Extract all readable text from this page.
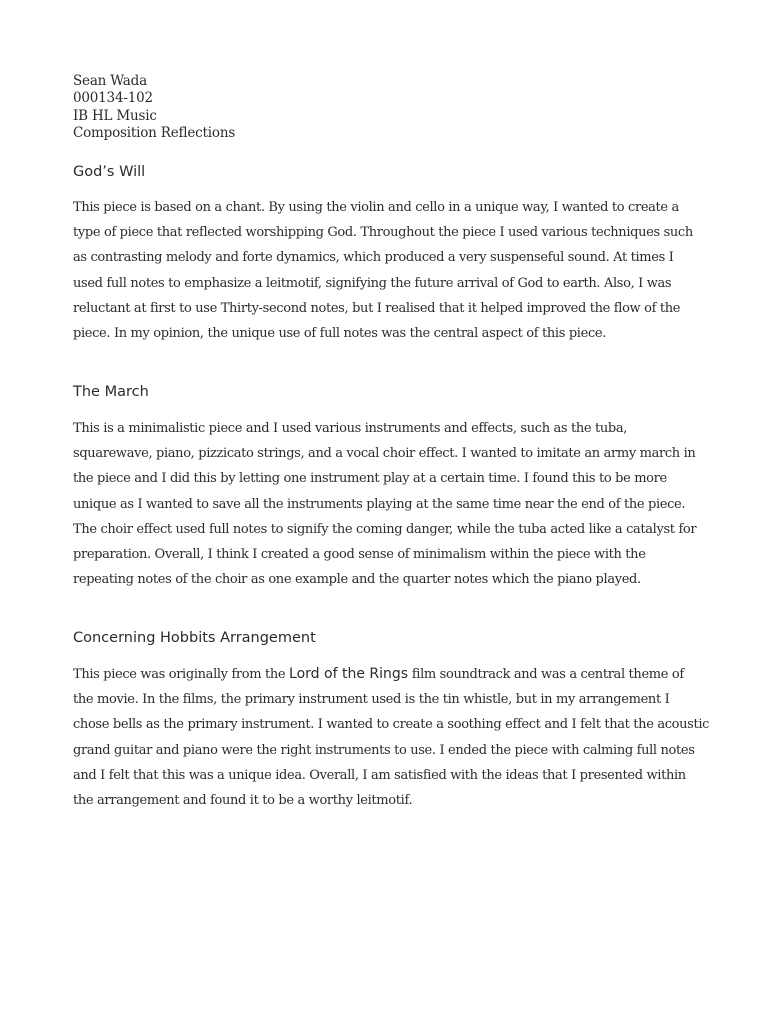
Sean Wada
000134-102
IB HL Music
Composition Reflections
God’s Will
This piece is based on a chant. By using the violin and cello in a unique way, I wanted to create a
type of piece that reflected worshipping God. Throughout the piece I used various techniques such
as contrasting melody and forte dynamics, which produced a very suspenseful sound. At times I
used full notes to emphasize a leitmotif, signifying the future arrival of God to earth. Also, I was
reluctant at first to use Thirty-second notes, but I realised that it helped improved the flow of the
piece. In my opinion, the unique use of full notes was the central aspect of this piece.
The March
This is a minimalistic piece and I used various instruments and effects, such as the tuba,
squarewave, piano, pizzicato strings, and a vocal choir effect. I wanted to imitate an army march in
the piece and I did this by letting one instrument play at a certain time. I found this to be more
unique as I wanted to save all the instruments playing at the same time near the end of the piece.
The choir effect used full notes to signify the coming danger, while the tuba acted like a catalyst for
preparation. Overall, I think I created a good sense of minimalism within the piece with the
repeating notes of the choir as one example and the quarter notes which the piano played.
Concerning Hobbits Arrangement
This piece was originally from the Lord of the Rings film soundtrack and was a central theme of
the movie. In the films, the primary instrument used is the tin whistle, but in my arrangement I
chose bells as the primary instrument. I wanted to create a soothing effect and I felt that the acoustic
grand guitar and piano were the right instruments to use. I ended the piece with calming full notes
and I felt that this was a unique idea. Overall, I am satisfied with the ideas that I presented within
the arrangement and found it to be a worthy leitmotif.
